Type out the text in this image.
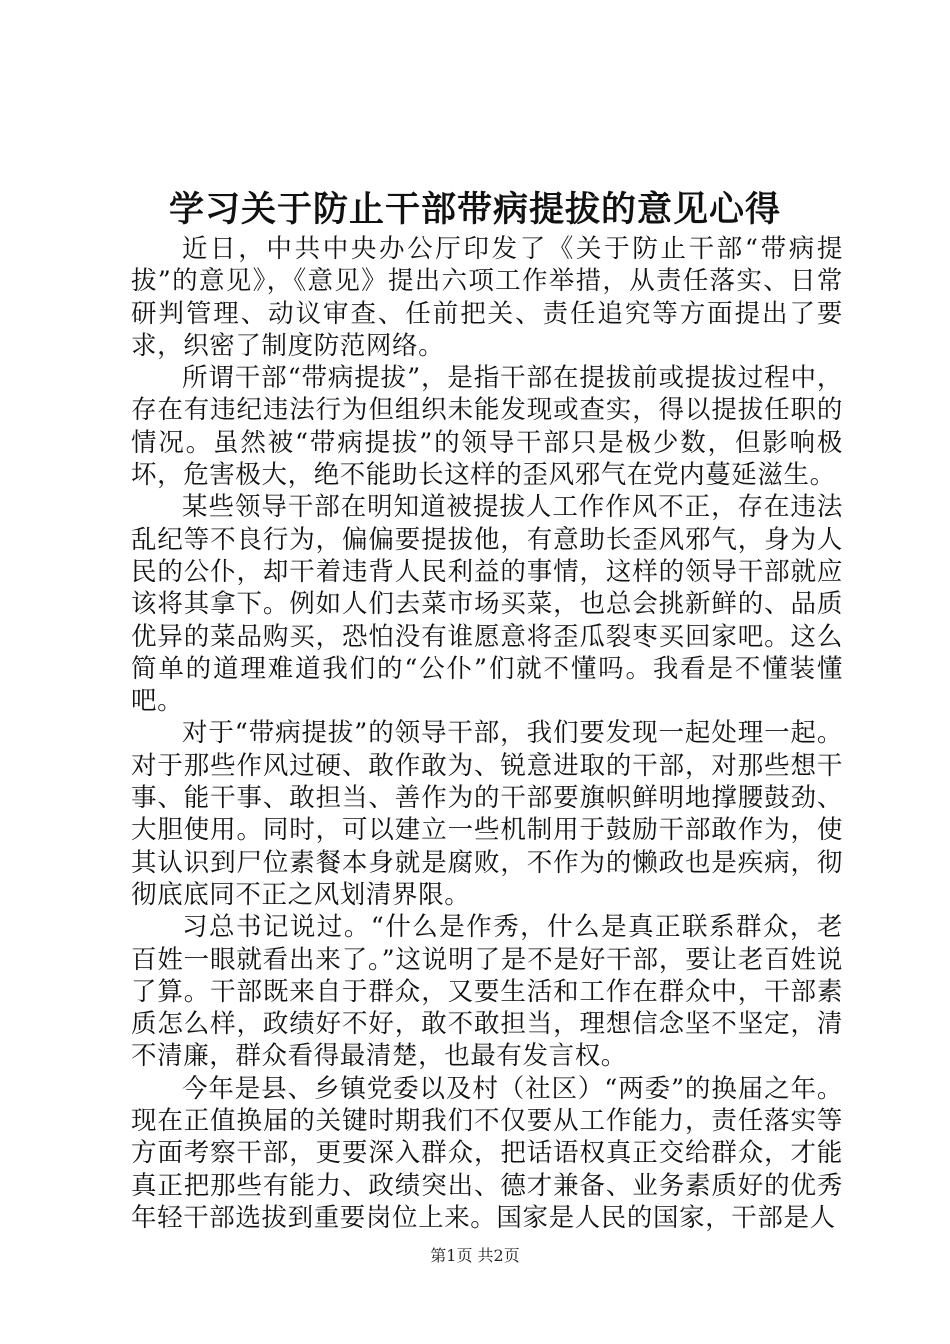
学习关于防止干部带病提拔的意见心得

近日，中共中央办公厅印发了《关于防止干部“带病提拔”的意见》，《意见》提出六项工作举措，从责任落实、日常研判管理、动议审查、任前把关、责任追究等方面提出了要求，织密了制度防范网络。

所谓干部“带病提拔”，是指干部在提拔前或提拔过程中，存在有违纪违法行为但组织未能发现或查实，得以提拔任职的情况。虽然被“带病提拔”的领导干部只是极少数，但影响极坏，危害极大，绝不能助长这样的歪风邪气在党内蔓延滋生。

某些领导干部在明知道被提拔人工作作风不正，存在违法乱纪等不良行为，偏偏要提拔他，有意助长歪风邪气，身为人民的公仆，却干着违背人民利益的事情，这样的领导干部就应该将其拿下。例如人们去菜市场买菜，也总会挑新鲜的、品质优异的菜品购买，恐怕没有谁愿意将歪瓜裂枣买回家吧。这么简单的道理难道我们的“公仆”们就不懂吗。我看是不懂装懂吧。

对于“带病提拔”的领导干部，我们要发现一起处理一起。对于那些作风过硬、敢作敢为、锐意进取的干部，对那些想干事、能干事、敢担当、善作为的干部要旗帜鲜明地撑腰鼓劲、大胆使用。同时，可以建立一些机制用于鼓励干部敢作为，使其认识到尸位素餐本身就是腐败，不作为的懒政也是疾病，彻彻底底同不正之风划清界限。

习总书记说过。“什么是作秀，什么是真正联系群众，老百姓一眼就看出来了。”这说明了是不是好干部，要让老百姓说了算。干部既来自于群众，又要生活和工作在群众中，干部素质怎么样，政绩好不好，敢不敢担当，理想信念坚不坚定，清不清廉，群众看得最清楚，也最有发言权。

今年是县、乡镇党委以及村（社区）“两委”的换届之年。现在正值换届的关键时期我们不仅要从工作能力，责任落实等方面考察干部，更要深入群众，把话语权真正交给群众，才能真正把那些有能力、政绩突出、德才兼备、业务素质好的优秀年轻干部选拔到重要岗位上来。国家是人民的国家，干部是人

第1页 共2页
